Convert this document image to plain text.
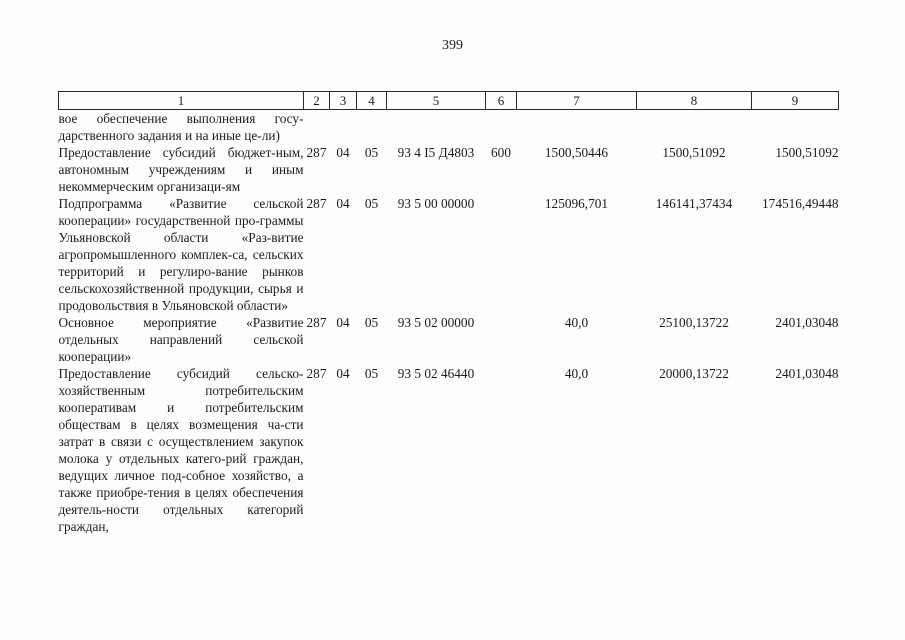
399
1	2	3	4	5	6	7	8	9
вое обеспечение выполнения госу-дарственного задания и на иные це-ли)								
Предоставление субсидий бюджет-ным, автономным учреждениям и иным некоммерческим организаци-ям	287	04	05	93 4 I5 Д4803	600	1500,50446	1500,51092	1500,51092
Подпрограмма «Развитие сельской кооперации» государственной про-граммы Ульяновской области «Раз-витие агропромышленного комплек-са, сельских территорий и регулиро-вание рынков сельскохозяйственной продукции, сырья и продовольствия в Ульяновской области»	287	04	05	93 5 00 00000		125096,701	146141,37434	174516,49448
Основное мероприятие «Развитие отдельных направлений сельской кооперации»	287	04	05	93 5 02 00000		40,0	25100,13722	2401,03048
Предоставление субсидий сельско-хозяйственным потребительским кооперативам и потребительским обществам в целях возмещения ча-сти затрат в связи с осуществлением закупок молока у отдельных катего-рий граждан, ведущих личное под-собное хозяйство, а также приобре-тения в целях обеспечения деятель-ности отдельных категорий граждан,	287	04	05	93 5 02 46440		40,0	20000,13722	2401,03048
